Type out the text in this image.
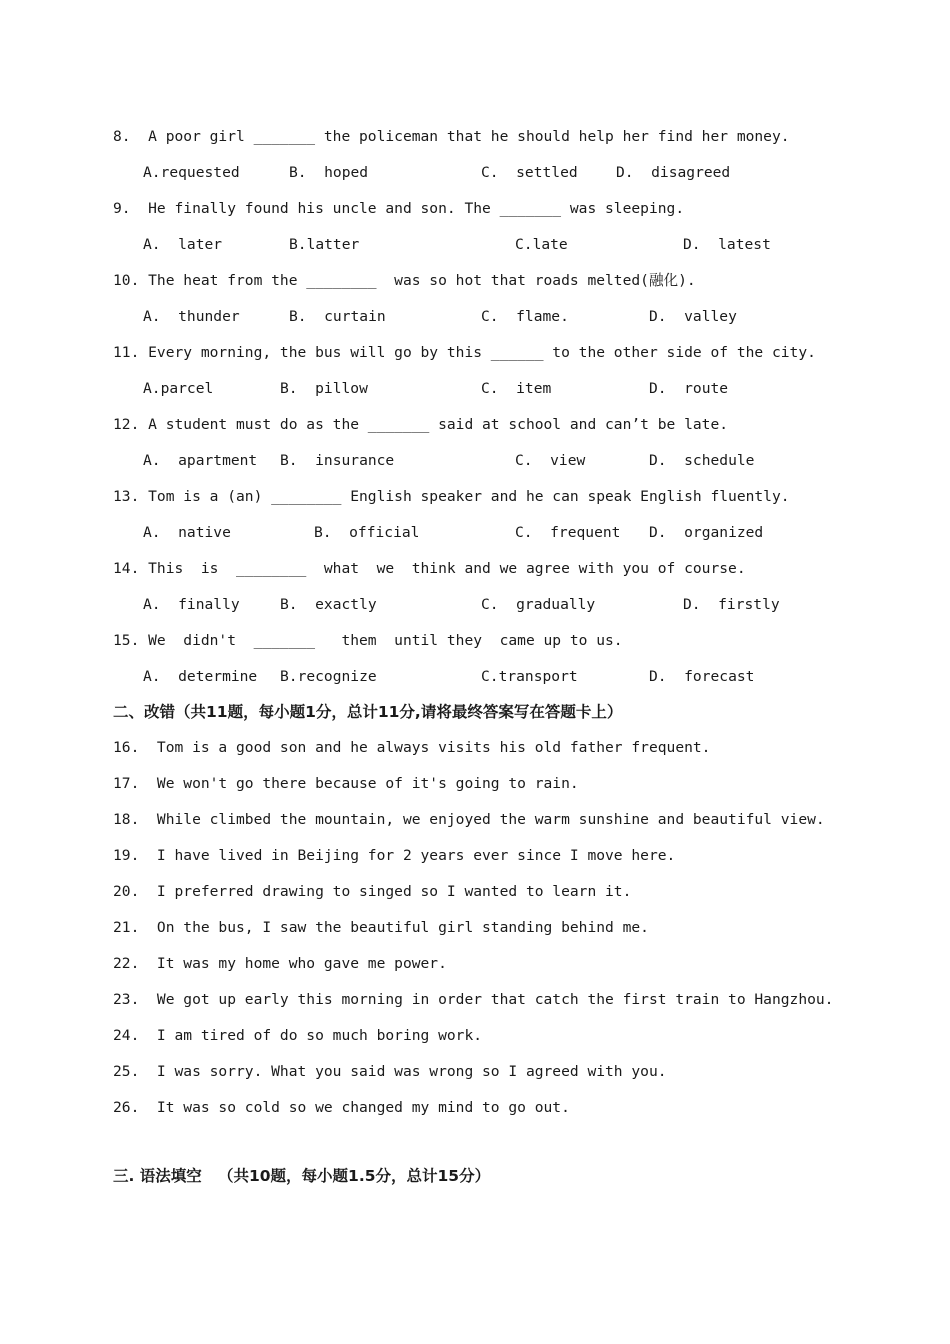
8.  A poor girl _______ the policeman that he should help her find her money.
A.requested	B.  hoped	C.  settled	D.  disagreed
9.  He finally found his uncle and son. The _______ was sleeping.
A.  later	B.latter	C.late	D.  latest
10. The heat from the ________  was so hot that roads melted(融化).
A.  thunder	B.  curtain	C.  flame.	D.  valley
11. Every morning, the bus will go by this ______ to the other side of the city.
A.parcel	B.  pillow	C.  item	D.  route
12. A student must do as the _______ said at school and can’t be late.
A.  apartment B.  insurance	C.  view	D.  schedule
13. Tom is a (an) ________ English speaker and he can speak English fluently.
A.  native	B.  official	C.  frequent D.  organized
14. This  is  ________  what  we  think and we agree with you of course.
A.  finally	B.  exactly	C.  gradually	D.  firstly
15. We  didn't  _______   them  until they  came up to us.
A.  determine B.recognize	C.transport	D.  forecast
二、改错（共11题，每小题1分，总计11分,请将最终答案写在答题卡上）
16.  Tom is a good son and he always visits his old father frequent.
17.  We won't go there because of it's going to rain.
18.  While climbed the mountain, we enjoyed the warm sunshine and beautiful view.
19.  I have lived in Beijing for 2 years ever since I move here.
20.  I preferred drawing to singed so I wanted to learn it.
21.  On the bus, I saw the beautiful girl standing behind me.
22.  It was my home who gave me power.
23.  We got up early this morning in order that catch the first train to Hangzhou.
24.  I am tired of do so much boring work.
25.  I was sorry. What you said was wrong so I agreed with you.
26.  It was so cold so we changed my mind to go out.
三. 语法填空   （共10题，每小题1.5分，总计15分）
